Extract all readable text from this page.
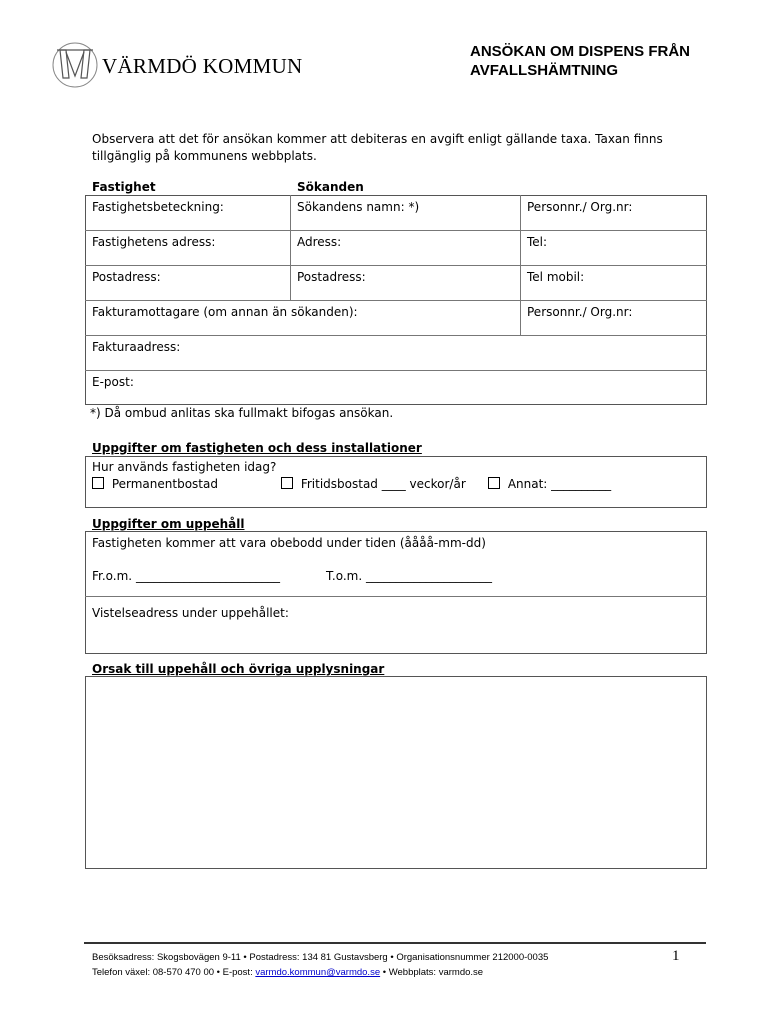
VÄRMDÖ KOMMUN
ANSÖKAN OM DISPENS FRÅN
AVFALLSHÄMTNING
Observera att det för ansökan kommer att debiteras en avgift enligt gällande taxa. Taxan finns tillgänglig på kommunens webbplats.
Fastighet	Sökanden
Fastighetsbeteckning:	Sökandens namn: *)	Personnr./ Org.nr:
Fastighetens adress:	Adress:	Tel:
Postadress:	Postadress:	Tel mobil:
Fakturamottagare (om annan än sökanden):	Personnr./ Org.nr:
Fakturaadress:
E-post:
*) Då ombud anlitas ska fullmakt bifogas ansökan.
Uppgifter om fastigheten och dess installationer
Hur används fastigheten idag?
Permanentbostad	Fritidsbostad ____ veckor/år	Annat: __________
Uppgifter om uppehåll
Fastigheten kommer att vara obebodd under tiden (åååå-mm-dd)
Fr.o.m. ________________________	T.o.m. _____________________
Vistelseadress under uppehållet:
Orsak till uppehåll och övriga upplysningar
Besöksadress: Skogsbovägen 9-11 • Postadress: 134 81 Gustavsberg • Organisationsnummer 212000-0035
Telefon växel: 08-570 470 00 • E-post: varmdo.kommun@varmdo.se • Webbplats: varmdo.se
1
